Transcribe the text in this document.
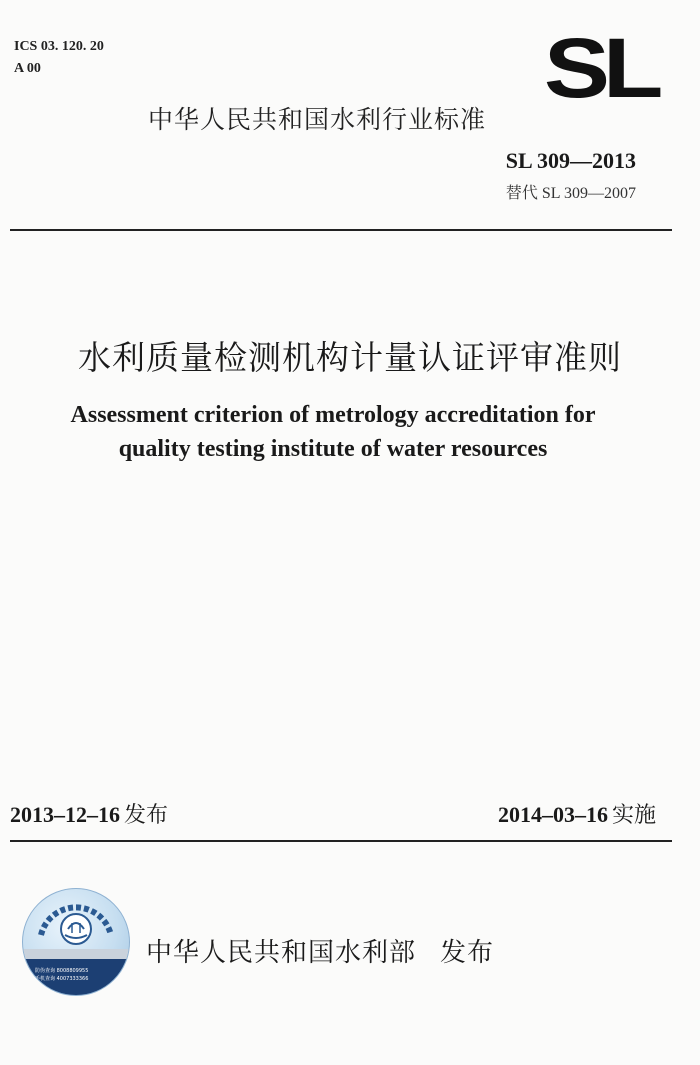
ICS 03. 120. 20
A 00	SL
中华人民共和国水利行业标准
SL 309—2013
替代 SL 309—2007
水利质量检测机构计量认证评审准则
Assessment criterion of metrology accreditation for
quality testing institute of water resources
2013–12–16 发布	2014–03–16 实施
防伪查询 8008809955
手机查询 4007333366
中华人民共和国水利部 发布
